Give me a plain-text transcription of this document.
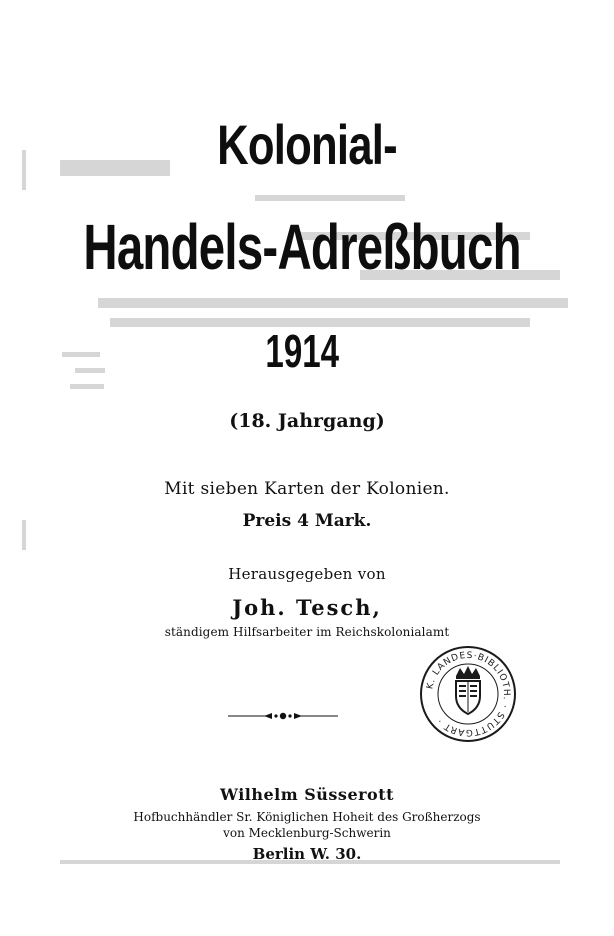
Kolonial-
Handels-Adreßbuch
1914
(18. Jahrgang)
Mit sieben Karten der Kolonien.
Preis 4 Mark.
Herausgegeben von
Joh. Tesch,
ständigem Hilfsarbeiter im Reichskolonialamt
K. LANDES·BIBLIOTH. · STUTTGART ·
Wilhelm Süsserott
Hofbuchhändler Sr. Königlichen Hoheit des Großherzogs
von Mecklenburg-Schwerin
Berlin W. 30.
